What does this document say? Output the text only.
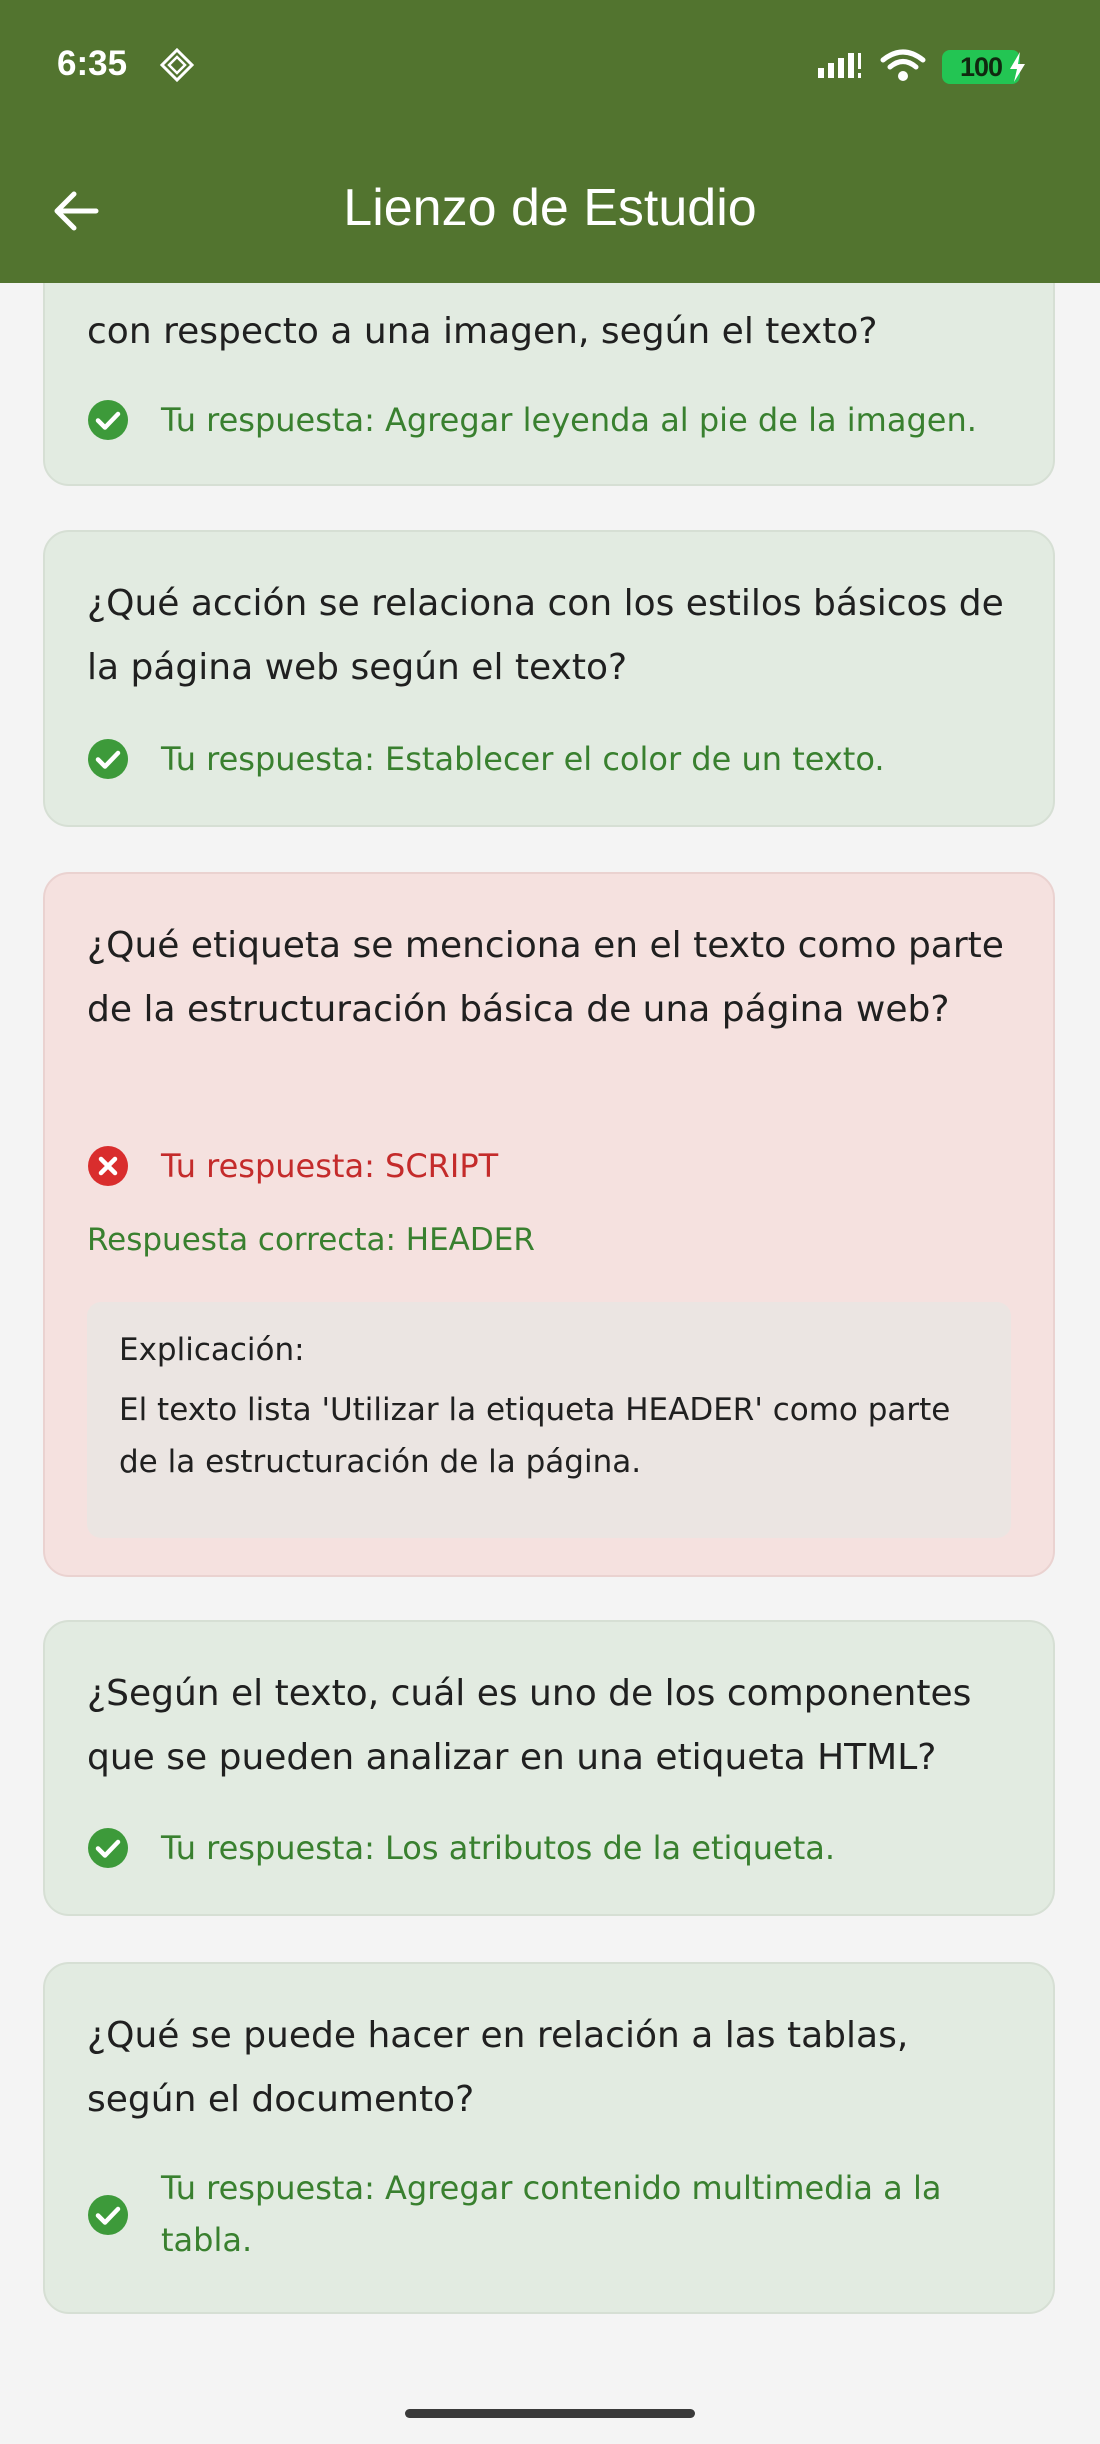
con respecto a una imagen, según el texto?
Tu respuesta: Agregar leyenda al pie de la imagen.
¿Qué acción se relaciona con los estilos básicos de la página web según el texto?
Tu respuesta: Establecer el color de un texto.
¿Qué etiqueta se menciona en el texto como parte de la estructuración básica de una página web?
Tu respuesta: SCRIPT
Respuesta correcta: HEADER
Explicación:
El texto lista 'Utilizar la etiqueta HEADER' como parte de la estructuración de la página.
¿Según el texto, cuál es uno de los componentes que se pueden analizar en una etiqueta HTML?
Tu respuesta: Los atributos de la etiqueta.
¿Qué se puede hacer en relación a las tablas, según el documento?
Tu respuesta: Agregar contenido multimedia a la tabla.
6:35	100
Lienzo de Estudio
